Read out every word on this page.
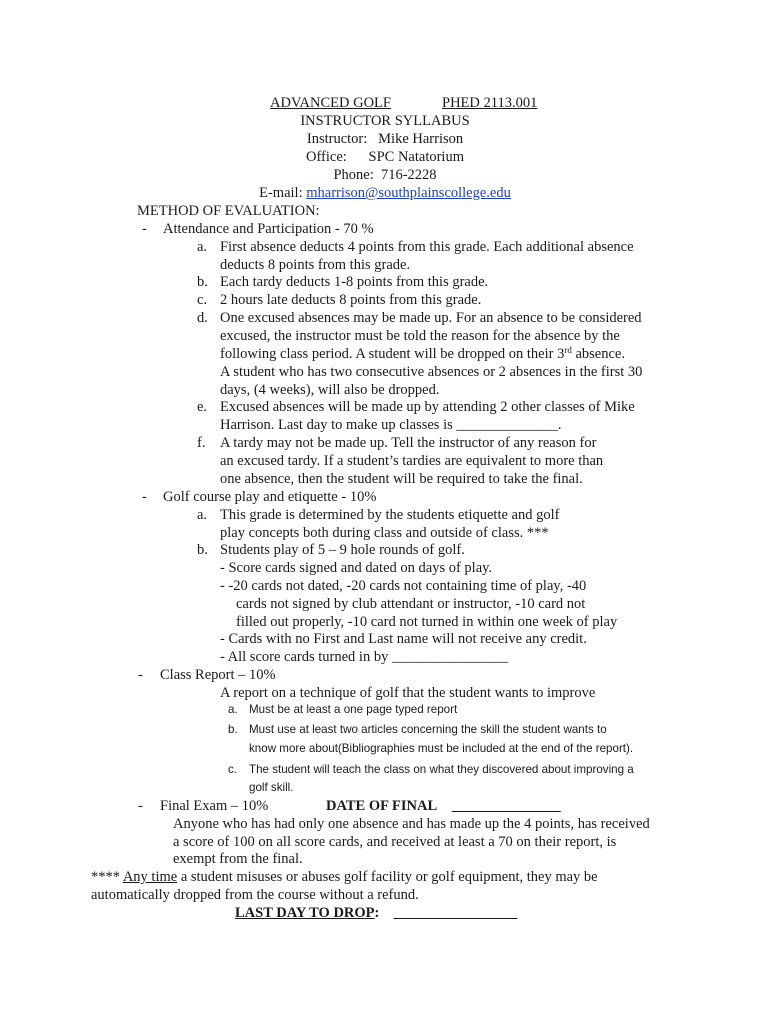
ADVANCED GOLF	PHED 2113.001
INSTRUCTOR SYLLABUS
Instructor: Mike Harrison
Office: SPC Natatorium
Phone: 716-2228
E-mail: mharrison@southplainscollege.edu
METHOD OF EVALUATION:
- Attendance and Participation - 70 %
a. First absence deducts 4 points from this grade. Each additional absence
deducts 8 points from this grade.
b. Each tardy deducts 1-8 points from this grade.
c. 2 hours late deducts 8 points from this grade.
d. One excused absences may be made up. For an absence to be considered
excused, the instructor must be told the reason for the absence by the
following class period. A student will be dropped on their 3rd absence.
A student who has two consecutive absences or 2 absences in the first 30
days, (4 weeks), will also be dropped.
e. Excused absences will be made up by attending 2 other classes of Mike
Harrison. Last day to make up classes is ______________.
f. A tardy may not be made up. Tell the instructor of any reason for
an excused tardy. If a student’s tardies are equivalent to more than
one absence, then the student will be required to take the final.
- Golf course play and etiquette - 10%
a. This grade is determined by the students etiquette and golf
play concepts both during class and outside of class. ***
b. Students play of 5 – 9 hole rounds of golf.
- Score cards signed and dated on days of play.
- -20 cards not dated, -20 cards not containing time of play, -40
cards not signed by club attendant or instructor, -10 card not
filled out properly, -10 card not turned in within one week of play
- Cards with no First and Last name will not receive any credit.
- All score cards turned in by ________________
- Class Report – 10%
A report on a technique of golf that the student wants to improve
a. Must be at least a one page typed report
b. Must use at least two articles concerning the skill the student wants to
know more about(Bibliographies must be included at the end of the report).
c. The student will teach the class on what they discovered about improving a
golf skill.
- Final Exam – 10%	DATE OF FINAL _______________
Anyone who has had only one absence and has made up the 4 points, has received
a score of 100 on all score cards, and received at least a 70 on their report, is
exempt from the final.
**** Any time a student misuses or abuses golf facility or golf equipment, they may be
automatically dropped from the course without a refund.
LAST DAY TO DROP: _________________
